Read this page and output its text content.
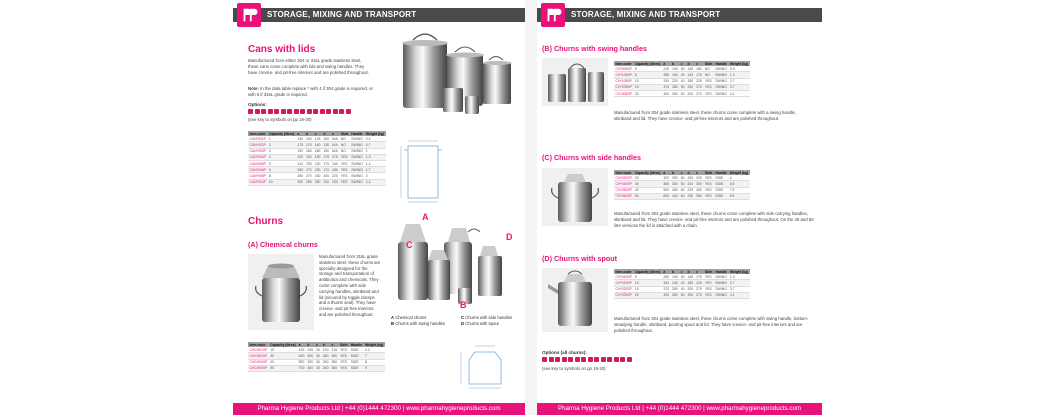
STORAGE, MIXING AND TRANSPORT
Cans with lids
Manufactured from either 304 or 316L grade stainless steel, these cans come complete with lids and swing handles. They have crevice- and pit-free interiors and are polished throughout.
Note: In the data table replace * with 4 if 304 grade is required, or with 6 if 316L grade is required.
Options:
(see key to symbols on pp 19-20)
Item code	Capacity (litres)	a	b	c	d	e	Skirt	Handle	Weight (kg)
CAN*001P	1	130	100	125	100	N/A	NO	SWING	0.4
CAN*002P	2	175	170	140	130	N/A	NO	SWING	0.7
CAN*003P	3	190	180	180	150	N/A	NO	SWING	1
CAN*004P	4	200	190	190	175	175	YES	SWING	1.3
CAN*005P	5	210	230	230	175	180	YES	SWING	1.4
CAN*006P	6	260	270	230	170	180	YES	SWING	1.7
CAN*008P	8	280	270	230	200	220	YES	SWING	2
CAN*010P	10	300	280	280	230	230	YES	SWING	2.4
Churns
(A) Chemical churns
Manufactured from 316L grade stainless steel, these churns are specially designed for the storage and transportation of antibiotics and chemicals. They come complete with side carrying handles, skirtband and lid (secured by toggle clamps and a thumb seal). They have crevice- and pit-free interiors and are polished throughout.
A
C
D
B
A Chemical churns
B Churns with swing handles
C Churns with side handles
D Churns with spout
Item code	Capacity (litres)	a	b	c	d	e	Skirt	Handle	Weight (kg)
CHCH010P	15	425	245	30	190	216	YES	SIDE	4.2
CHCH020P	30	530	300	30	260	300	YES	SIDE	7
CHCH040P	40	590	330	30	260	350	YES	SIDE	8
CHCH050P	50	700	400	30	260	360	YES	SIDE	9
Pharma Hygiene Products Ltd | +44 (0)1444 472300 | www.pharmahygieneproducts.com
STORAGE, MIXING AND TRANSPORT
(B) Churns with swing handles
Item code	Capacity (litres)	a	b	c	d	e	Skirt	Handle	Weight (kg)
CH*00B0P	5	215	190	40	120	150	NO	SWING	0.9
CH*10B0P	5	280	190	40	140	175	NO	SWING	1.3
CH*10B0P	10	330	220	40	180	225	YES	SWING	2.7
CH*20B0P	15	370	280	50	200	270	YES	SWING	3.7
CH*30B0P	20	400	300	50	200	270	YES	SWING	4.1
Manufactured from 304 grade stainless steel, these churns come complete with a swing handle, skirtband and lid. They have crevice- and pit-free interiors and are polished throughout.
(C) Churns with side handles
Item code	Capacity (litres)	a	b	c	d	e	Skirt	Handle	Weight (kg)
CH*030SP	20	320	290	50	200	220	YES	SIDE	4
CH*040SP	30	460	350	50	224	300	YES	SIDE	5.5
CH*050SP	40	500	380	60	225	350	YES	SIDE	7.9
CH*060SP	50	650	440	60	230	350	YES	SIDE	8.9
Manufactured from 304 grade stainless steel, these churns come complete with side carrying handles, skirtband and lid. They have crevice- and pit-free interiors and are polished throughout. On the 40 and 50 litre versions the lid is attached with a chain.
(D) Churns with spout
Item code	Capacity (litres)	a	b	c	d	e	Skirt	Handle	Weight (kg)
CH*010SP	5	280	190	40	140	175	YES	SWING	1.3
CH*015SP	10	330	240	40	180	225	YES	SWING	2.7
CH*020SP	15	370	280	40	200	270	YES	SWING	3.7
CH*025SP	20	400	300	50	200	270	YES	SWING	4.1
Manufactured from 304 grade stainless steel, these churns come complete with swing handle, bottom-steadying handle, skirtband, pouring spout and lid. They have crevice- and pit-free interiors and are polished throughout.
Options (all churns):
(see key to symbols on pp 19-20)
Pharma Hygiene Products Ltd | +44 (0)1444 472300 | www.pharmahygieneproducts.com
